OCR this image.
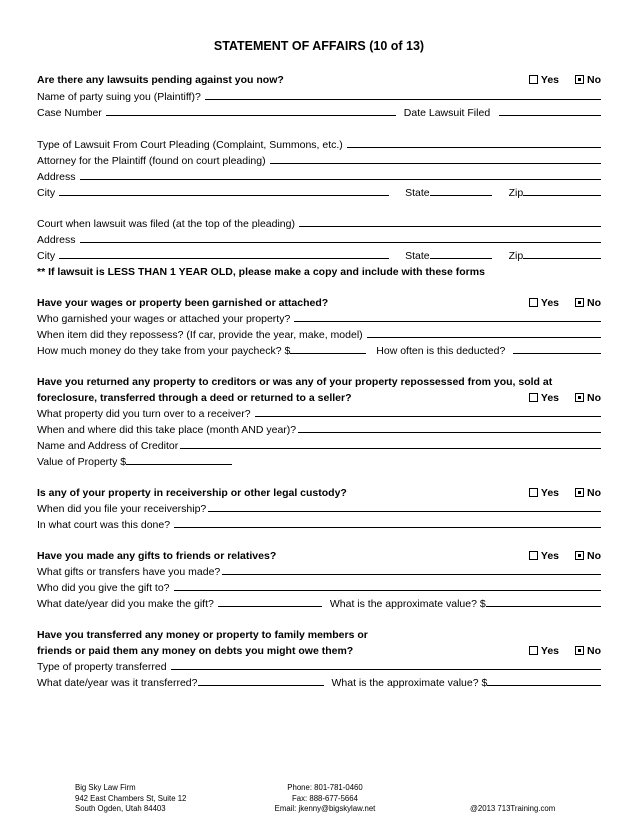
STATEMENT OF AFFAIRS (10 of 13)
Are there any lawsuits pending against you now?	Yes	No
Name of party suing you (Plaintiff)?
Case Number	Date Lawsuit Filed
Type of Lawsuit From Court Pleading (Complaint, Summons, etc.)
Attorney for the Plaintiff (found on court pleading)
Address
City	State	Zip
Court when lawsuit was filed (at the top of the pleading)
Address
City	State	Zip
** If lawsuit is LESS THAN 1 YEAR OLD, please make a copy and include with these forms
Have your wages or property been garnished or attached?	Yes	No
Who garnished your wages or attached your property?
When item did they repossess? (If car, provide the year, make, model)
How much money do they take from your paycheck? $	How often is this deducted?
Have you returned any property to creditors or was any of your property repossessed from you, sold at
foreclosure, transferred through a deed or returned to a seller?	Yes	No
What property did you turn over to a receiver?
When and where did this take place (month AND year)?
Name and Address of Creditor
Value of Property $
Is any of your property in receivership or other legal custody?	Yes	No
When did you file your receivership?
In what court was this done?
Have you made any gifts to friends or relatives?	Yes	No
What gifts or transfers have you made?
Who did you give the gift to?
What date/year did you make the gift?	What is the approximate value? $
Have you transferred any money or property to family members or
friends or paid them any money on debts you might owe them?	Yes	No
Type of property transferred
What date/year was it transferred?	What is the approximate value? $
Big Sky Law Firm
942 East Chambers St, Suite 12
South Ogden, Utah 84403
Phone: 801-781-0460
Fax: 888-677-5664
Email: jkenny@bigskylaw.net	@2013 713Training.com
